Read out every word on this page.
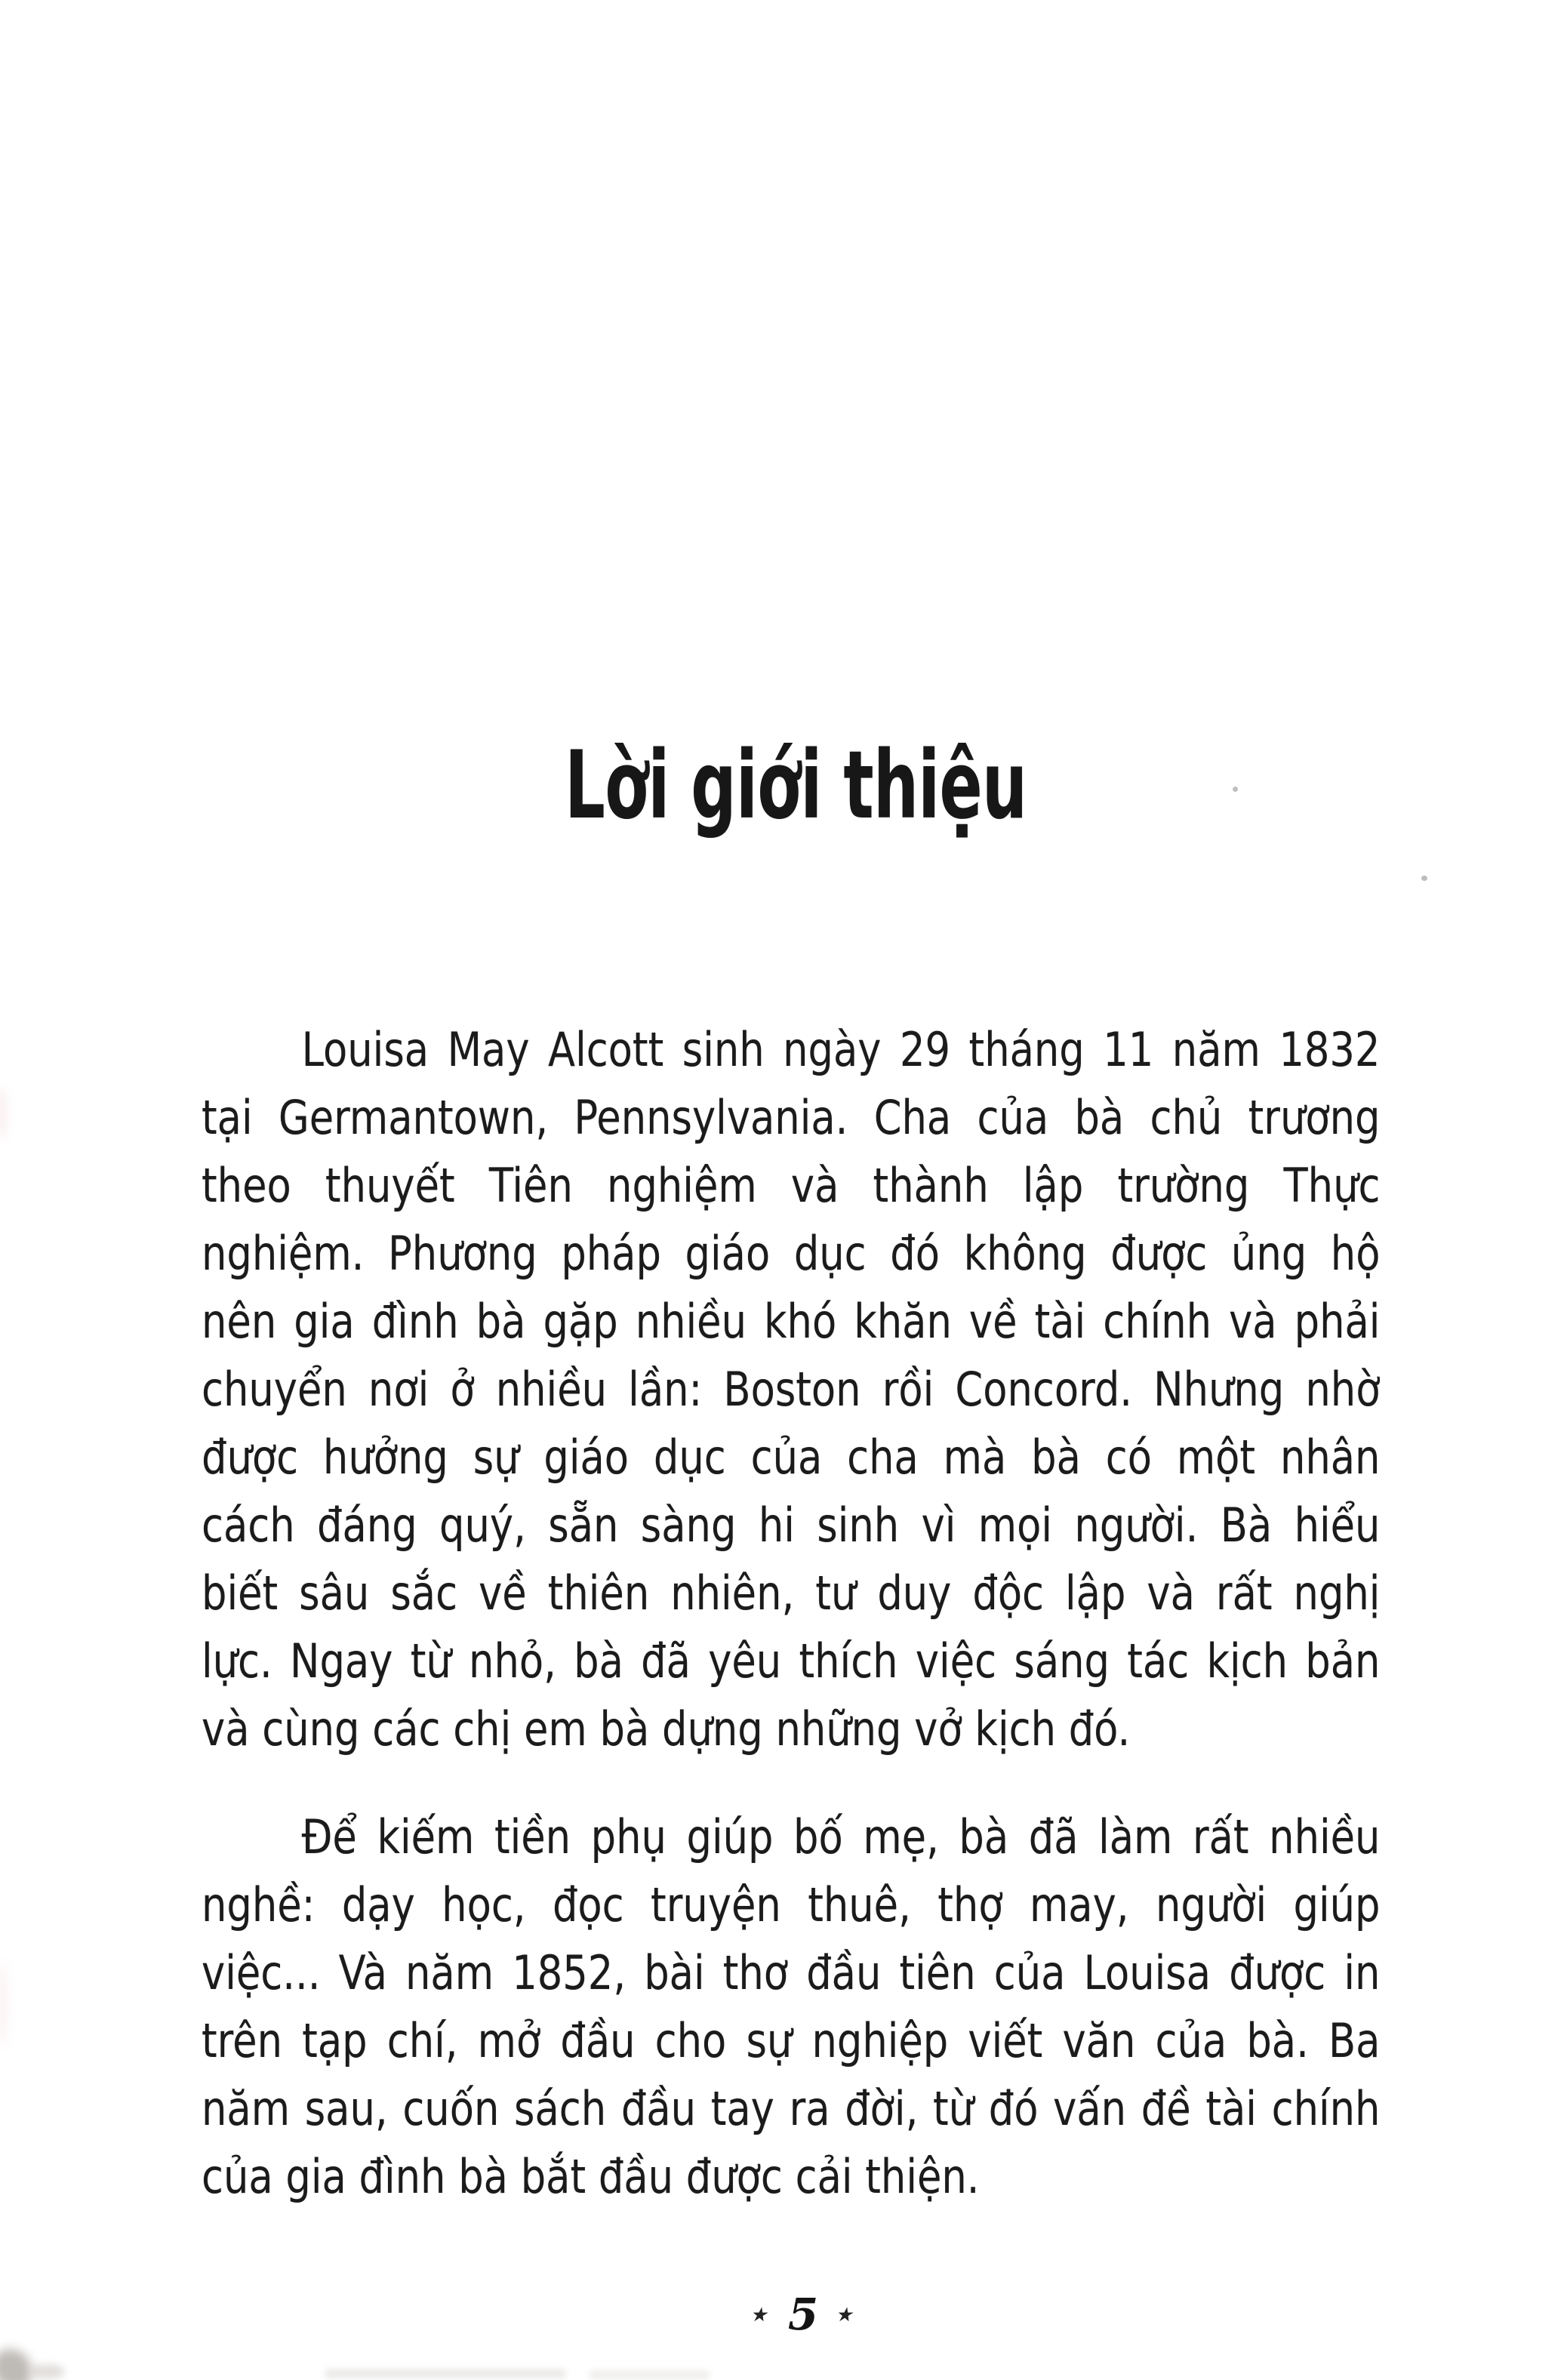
Lời giới thiệu
Louisa May Alcott sinh ngày 29 tháng 11 năm 1832
tại Germantown, Pennsylvania. Cha của bà chủ trương
theo thuyết Tiên nghiệm và thành lập trường Thực
nghiệm. Phương pháp giáo dục đó không được ủng hộ
nên gia đình bà gặp nhiều khó khăn về tài chính và phải
chuyển nơi ở nhiều lần: Boston rồi Concord. Nhưng nhờ
được hưởng sự giáo dục của cha mà bà có một nhân
cách đáng quý, sẵn sàng hi sinh vì mọi người. Bà hiểu
biết sâu sắc về thiên nhiên, tư duy độc lập và rất nghị
lực. Ngay từ nhỏ, bà đã yêu thích việc sáng tác kịch bản
và cùng các chị em bà dựng những vở kịch đó.
Để kiếm tiền phụ giúp bố mẹ, bà đã làm rất nhiều
nghề: dạy học, đọc truyện thuê, thợ may, người giúp
việc... Và năm 1852, bài thơ đầu tiên của Louisa được in
trên tạp chí, mở đầu cho sự nghiệp viết văn của bà. Ba
năm sau, cuốn sách đầu tay ra đời, từ đó vấn đề tài chính
của gia đình bà bắt đầu được cải thiện.
⋆ 5 ⋆
